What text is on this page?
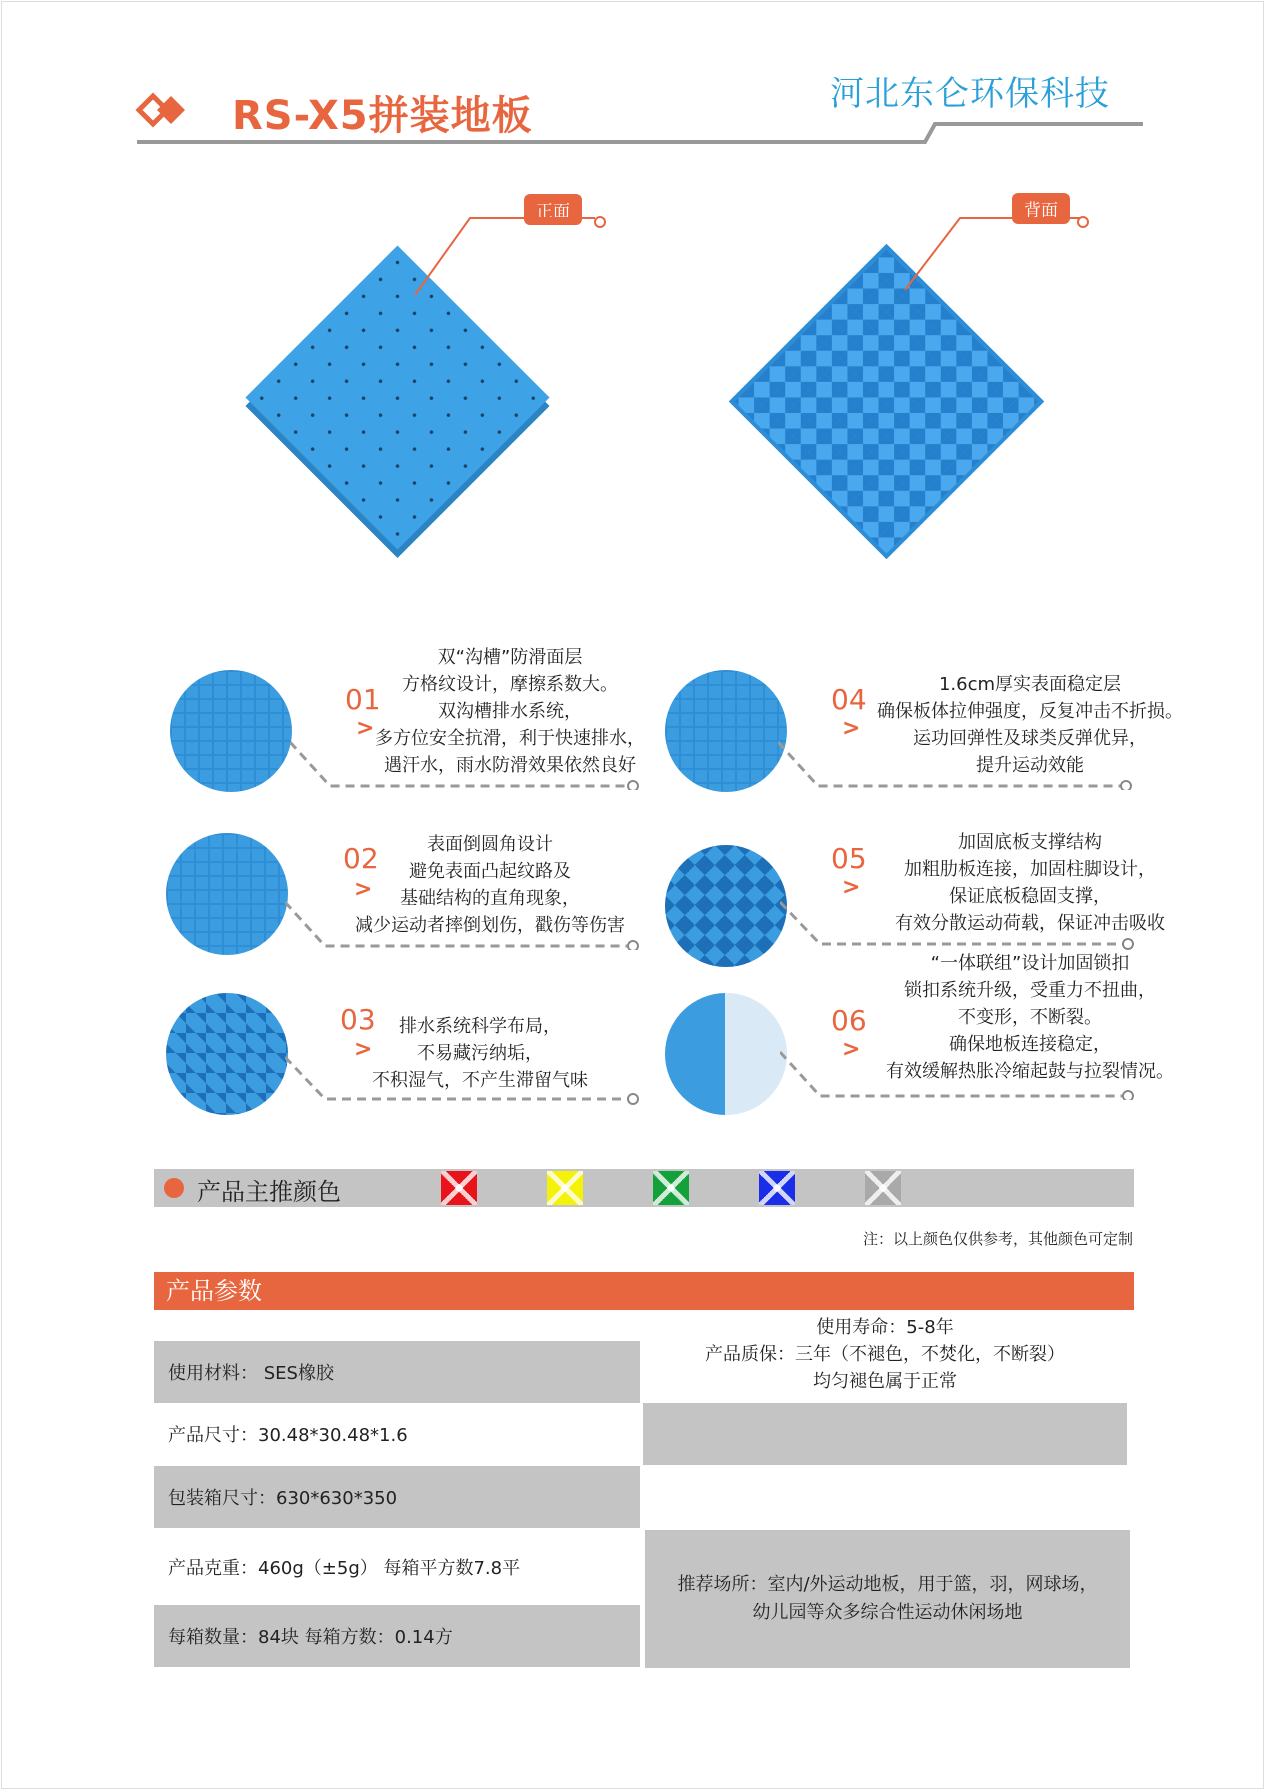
RS-X5拼装地板	河北东仑环保科技
正面	背面
01
>
双“沟槽”防滑面层
方格纹设计，摩擦系数大。
双沟槽排水系统，
多方位安全抗滑，利于快速排水，
遇汗水，雨水防滑效果依然良好
02
>
表面倒圆角设计
避免表面凸起纹路及
基础结构的直角现象，
减少运动者摔倒划伤，戳伤等伤害
03
>
排水系统科学布局，
不易藏污纳垢，
不积湿气，不产生滞留气味
04
>
1.6cm厚实表面稳定层
确保板体拉伸强度，反复冲击不折损。
运功回弹性及球类反弹优异，
提升运动效能
05
>
加固底板支撑结构
加粗肋板连接，加固柱脚设计，
保证底板稳固支撑，
有效分散运动荷载，保证冲击吸收
06
>
“一体联组”设计加固锁扣
锁扣系统升级，受重力不扭曲，
不变形，不断裂。
确保地板连接稳定，
有效缓解热胀冷缩起鼓与拉裂情况。
产品主推颜色
注：以上颜色仅供参考，其他颜色可定制
产品参数
使用材料： SES橡胶
产品尺寸：30.48*30.48*1.6
包装箱尺寸：630*630*350
产品克重：460g（±5g） 每箱平方数7.8平
每箱数量：84块 每箱方数：0.14方
使用寿命：5-8年
产品质保：三年（不褪色，不焚化，不断裂）
均匀褪色属于正常
推荐场所：室内/外运动地板，用于篮，羽，网球场，
幼儿园等众多综合性运动休闲场地
